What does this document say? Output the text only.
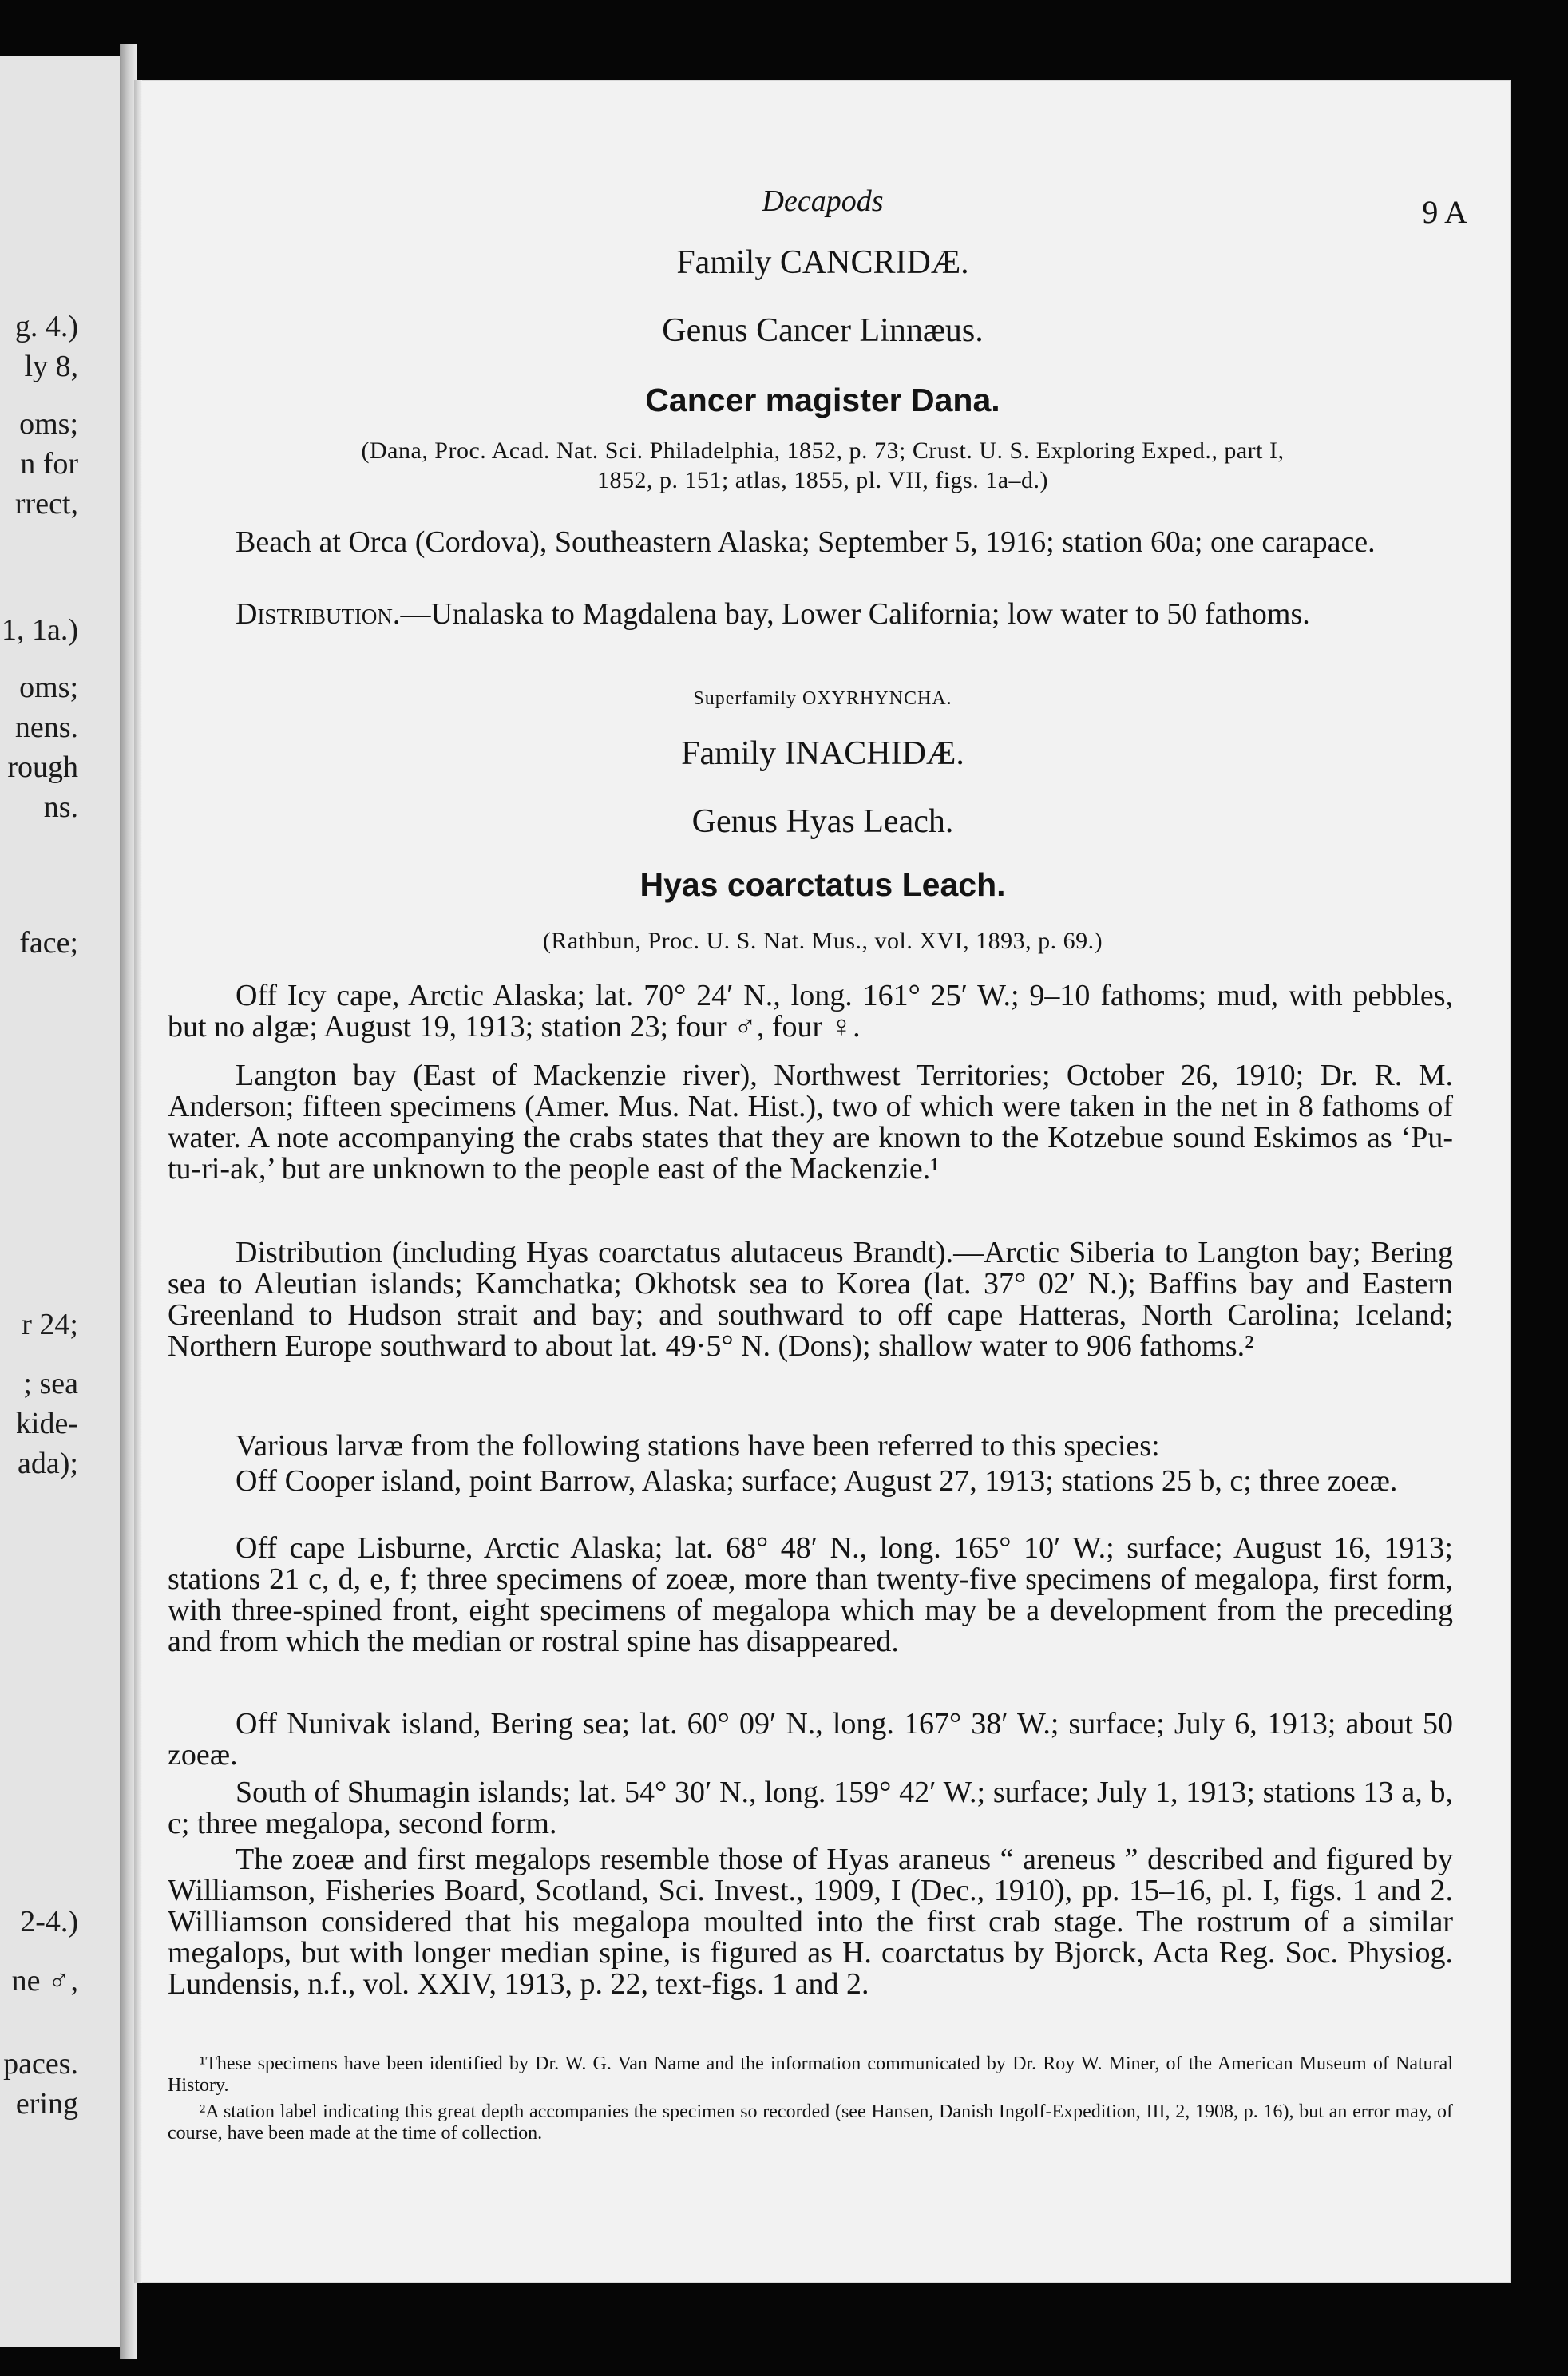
g. 4.)
ly 8,
oms;
n for
rrect,
1, 1a.)
oms;
nens.
rough
ns.
face;
r 24;
; sea
kide-
ada);
2-4.)
ne ♂,
paces.
ering
Decapods	9 A
Family CANCRIDÆ.
Genus Cancer Linnæus.
Cancer magister Dana.
(Dana, Proc. Acad. Nat. Sci. Philadelphia, 1852, p. 73; Crust. U. S. Exploring Exped., part I,
1852, p. 151; atlas, 1855, pl. VII, figs. 1a–d.)
Beach at Orca (Cordova), Southeastern Alaska; September 5, 1916; station 60a; one carapace.
Distribution.—Unalaska to Magdalena bay, Lower California; low water to 50 fathoms.
Superfamily OXYRHYNCHA.
Family INACHIDÆ.
Genus Hyas Leach.
Hyas coarctatus Leach.
(Rathbun, Proc. U. S. Nat. Mus., vol. XVI, 1893, p. 69.)
Off Icy cape, Arctic Alaska; lat. 70° 24′ N., long. 161° 25′ W.; 9–10 fathoms; mud, with pebbles, but no algæ; August 19, 1913; station 23; four ♂, four ♀.
Langton bay (East of Mackenzie river), Northwest Territories; October 26, 1910; Dr. R. M. Anderson; fifteen specimens (Amer. Mus. Nat. Hist.), two of which were taken in the net in 8 fathoms of water. A note accompanying the crabs states that they are known to the Kotzebue sound Eskimos as ‘Pu-tu-ri-ak,’ but are unknown to the people east of the Mackenzie.¹
Distribution (including Hyas coarctatus alutaceus Brandt).—Arctic Siberia to Langton bay; Bering sea to Aleutian islands; Kamchatka; Okhotsk sea to Korea (lat. 37° 02′ N.); Baffins bay and Eastern Greenland to Hudson strait and bay; and southward to off cape Hatteras, North Carolina; Iceland; Northern Europe southward to about lat. 49·5° N. (Dons); shallow water to 906 fathoms.²
Various larvæ from the following stations have been referred to this species:
Off Cooper island, point Barrow, Alaska; surface; August 27, 1913; stations 25 b, c; three zoeæ.
Off cape Lisburne, Arctic Alaska; lat. 68° 48′ N., long. 165° 10′ W.; surface; August 16, 1913; stations 21 c, d, e, f; three specimens of zoeæ, more than twenty-five specimens of megalopa, first form, with three-spined front, eight specimens of megalopa which may be a development from the preceding and from which the median or rostral spine has disappeared.
Off Nunivak island, Bering sea; lat. 60° 09′ N., long. 167° 38′ W.; surface; July 6, 1913; about 50 zoeæ.
South of Shumagin islands; lat. 54° 30′ N., long. 159° 42′ W.; surface; July 1, 1913; stations 13 a, b, c; three megalopa, second form.
The zoeæ and first megalops resemble those of Hyas araneus “ areneus ” described and figured by Williamson, Fisheries Board, Scotland, Sci. Invest., 1909, I (Dec., 1910), pp. 15–16, pl. I, figs. 1 and 2. Williamson considered that his megalopa moulted into the first crab stage. The rostrum of a similar megalops, but with longer median spine, is figured as H. coarctatus by Bjorck, Acta Reg. Soc. Physiog. Lundensis, n.f., vol. XXIV, 1913, p. 22, text-figs. 1 and 2.
¹These specimens have been identified by Dr. W. G. Van Name and the information communicated by Dr. Roy W. Miner, of the American Museum of Natural History.
²A station label indicating this great depth accompanies the specimen so recorded (see Hansen, Danish Ingolf-Expedition, III, 2, 1908, p. 16), but an error may, of course, have been made at the time of collection.
